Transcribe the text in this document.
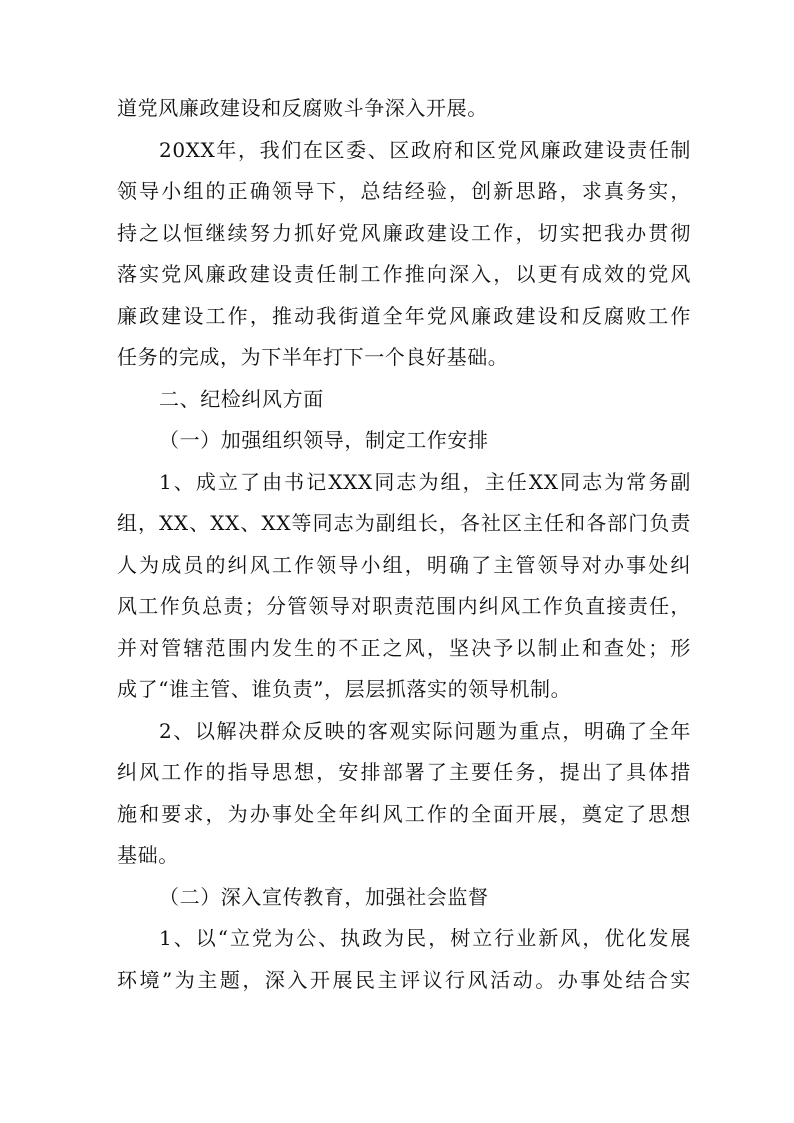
道党风廉政建设和反腐败斗争深入开展。
20XX年，我们在区委、区政府和区党风廉政建设责任制
领导小组的正确领导下，总结经验，创新思路，求真务实，
持之以恒继续努力抓好党风廉政建设工作，切实把我办贯彻
落实党风廉政建设责任制工作推向深入，以更有成效的党风
廉政建设工作，推动我街道全年党风廉政建设和反腐败工作
任务的完成，为下半年打下一个良好基础。
二、纪检纠风方面
（一）加强组织领导，制定工作安排
1、成立了由书记XXX同志为组，主任XX同志为常务副
组，XX、XX、XX等同志为副组长，各社区主任和各部门负责
人为成员的纠风工作领导小组，明确了主管领导对办事处纠
风工作负总责；分管领导对职责范围内纠风工作负直接责任，
并对管辖范围内发生的不正之风，坚决予以制止和查处；形
成了“谁主管、谁负责”，层层抓落实的领导机制。
2、以解决群众反映的客观实际问题为重点，明确了全年
纠风工作的指导思想，安排部署了主要任务，提出了具体措
施和要求，为办事处全年纠风工作的全面开展，奠定了思想
基础。
（二）深入宣传教育，加强社会监督
1、以“立党为公、执政为民，树立行业新风，优化发展
环境”为主题，深入开展民主评议行风活动。办事处结合实
